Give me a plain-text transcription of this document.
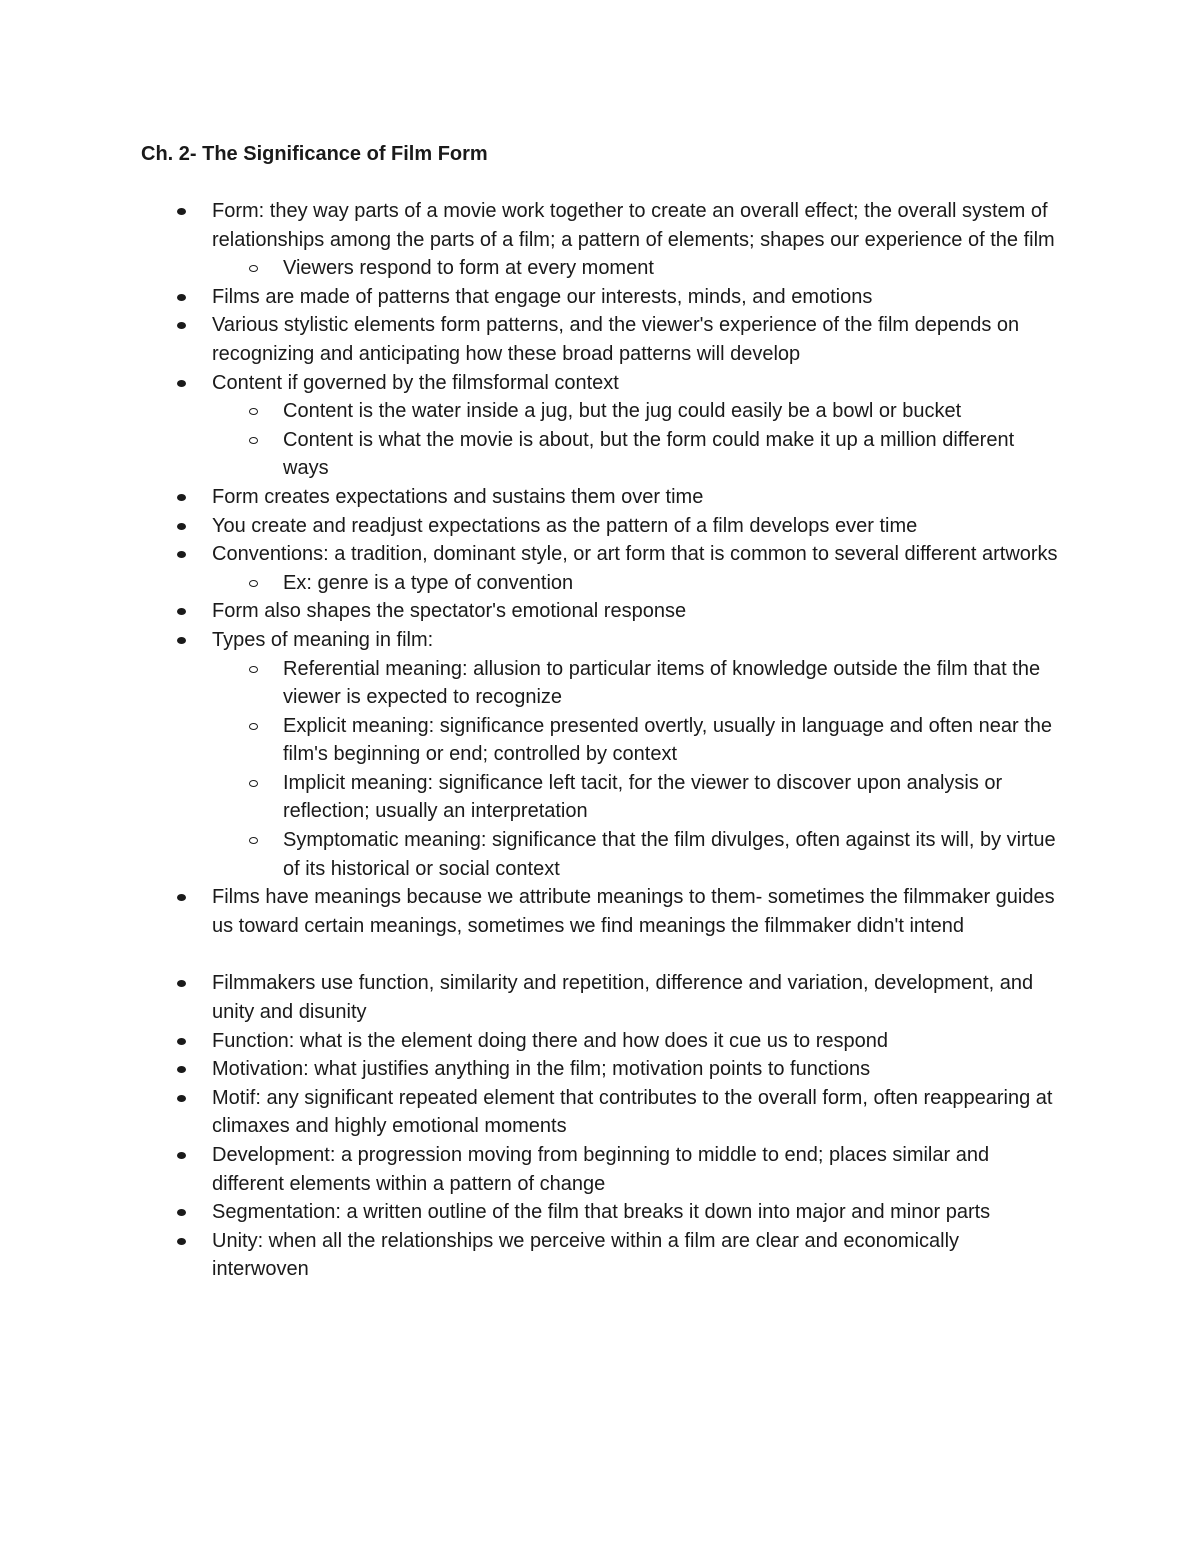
Ch. 2- The Significance of Film Form
Form: they way parts of a movie work together to create an overall effect; the overall system of relationships among the parts of a film; a pattern of elements; shapes our experience of the film
Viewers respond to form at every moment
Films are made of patterns that engage our interests, minds, and emotions
Various stylistic elements form patterns, and the viewer's experience of the film depends on recognizing and anticipating how these broad patterns will develop
Content if governed by the filmsformal context
Content is the water inside a jug, but the jug could easily be a bowl or bucket
Content is what the movie is about, but the form could make it up a million different ways
Form creates expectations and sustains them over time
You create and readjust expectations as the pattern of a film develops ever time
Conventions: a tradition, dominant style, or art form that is common to several different artworks
Ex: genre is a type of convention
Form also shapes the spectator's emotional response
Types of meaning in film:
Referential meaning: allusion to particular items of knowledge outside the film that the viewer is expected to recognize
Explicit meaning: significance presented overtly, usually in language and often near the film's beginning or end; controlled by context
Implicit meaning: significance left tacit, for the viewer to discover upon analysis or reflection; usually an interpretation
Symptomatic meaning: significance that the film divulges, often against its will, by virtue of its historical or social context
Films have meanings because we attribute meanings to them- sometimes the filmmaker guides us toward certain meanings, sometimes we find meanings the filmmaker didn't intend
Filmmakers use function, similarity and repetition, difference and variation, development, and unity and disunity
Function: what is the element doing there and how does it cue us to respond
Motivation: what justifies anything in the film; motivation points to functions
Motif: any significant repeated element that contributes to the overall form, often reappearing at climaxes and highly emotional moments
Development: a progression moving from beginning to middle to end; places similar and different elements within a pattern of change
Segmentation: a written outline of the film that breaks it down into major and minor parts
Unity: when all the relationships we perceive within a film are clear and economically interwoven
